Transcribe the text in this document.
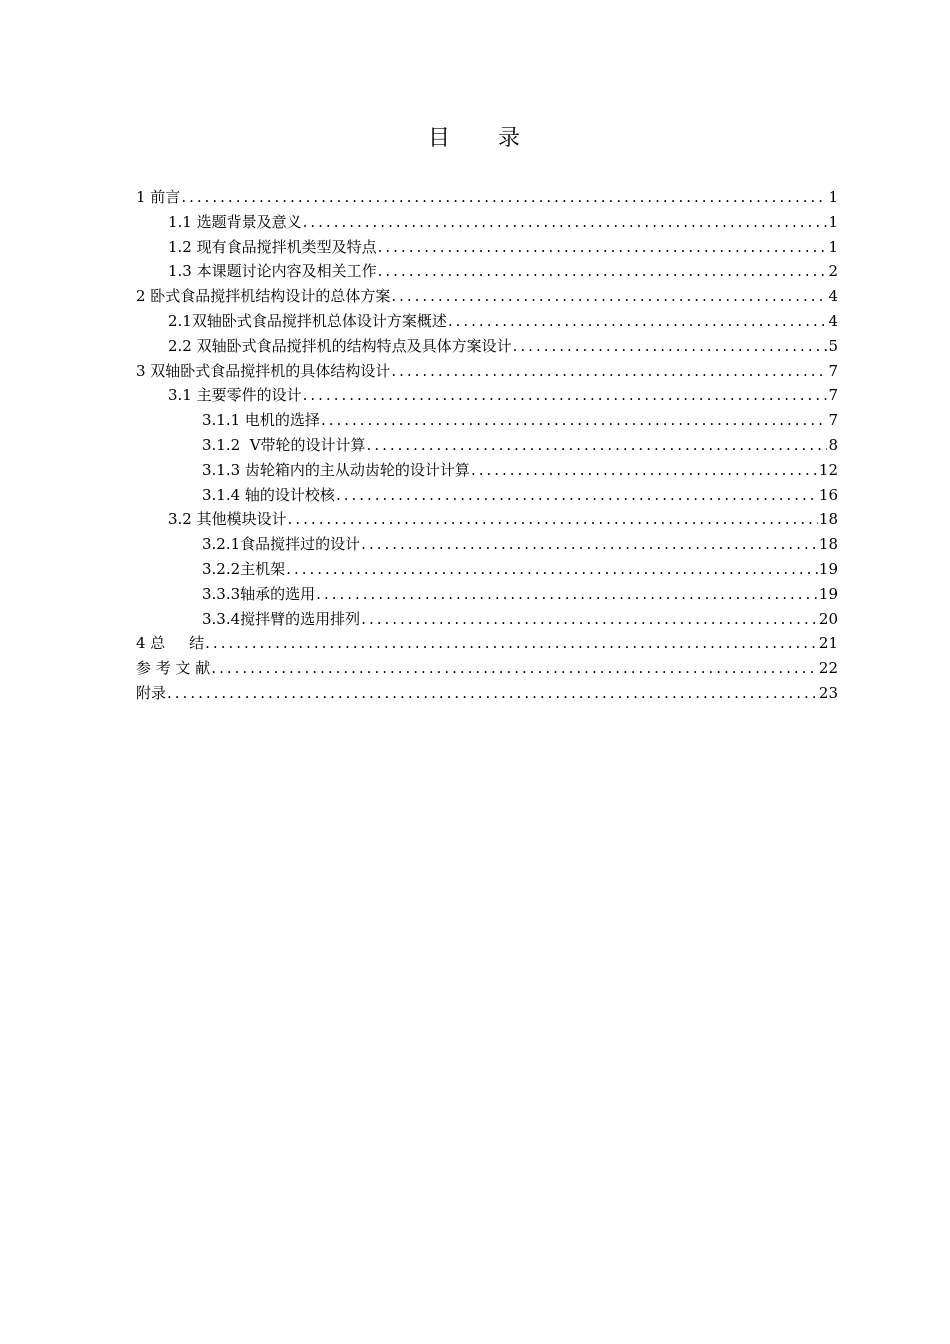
目 录
1 前言 .....	1
1.1 选题背景及意义 .....	1
1.2 现有食品搅拌机类型及特点 .....	1
1.3 本课题讨论内容及相关工作 .....	2
2 卧式食品搅拌机结构设计的总体方案 .....	4
2.1双轴卧式食品搅拌机总体设计方案概述 .....	4
2.2 双轴卧式食品搅拌机的结构特点及具体方案设计 .....	5
3 双轴卧式食品搅拌机的具体结构设计 .....	7
3.1 主要零件的设计 .....	7
3.1.1 电机的选择 .....	7
3.1.2  V带轮的设计计算 .....	8
3.1.3 齿轮箱内的主从动齿轮的设计计算 .....	12
3.1.4 轴的设计校核 .....	16
3.2 其他模块设计 .....	18
3.2.1食品搅拌过的设计 .....	18
3.2.2主机架 .....	19
3.3.3轴承的选用 .....	19
3.3.4搅拌臂的选用排列 .....	20
4 总     结 .....	21
参 考 文 献 .....	22
附录 .....	23
